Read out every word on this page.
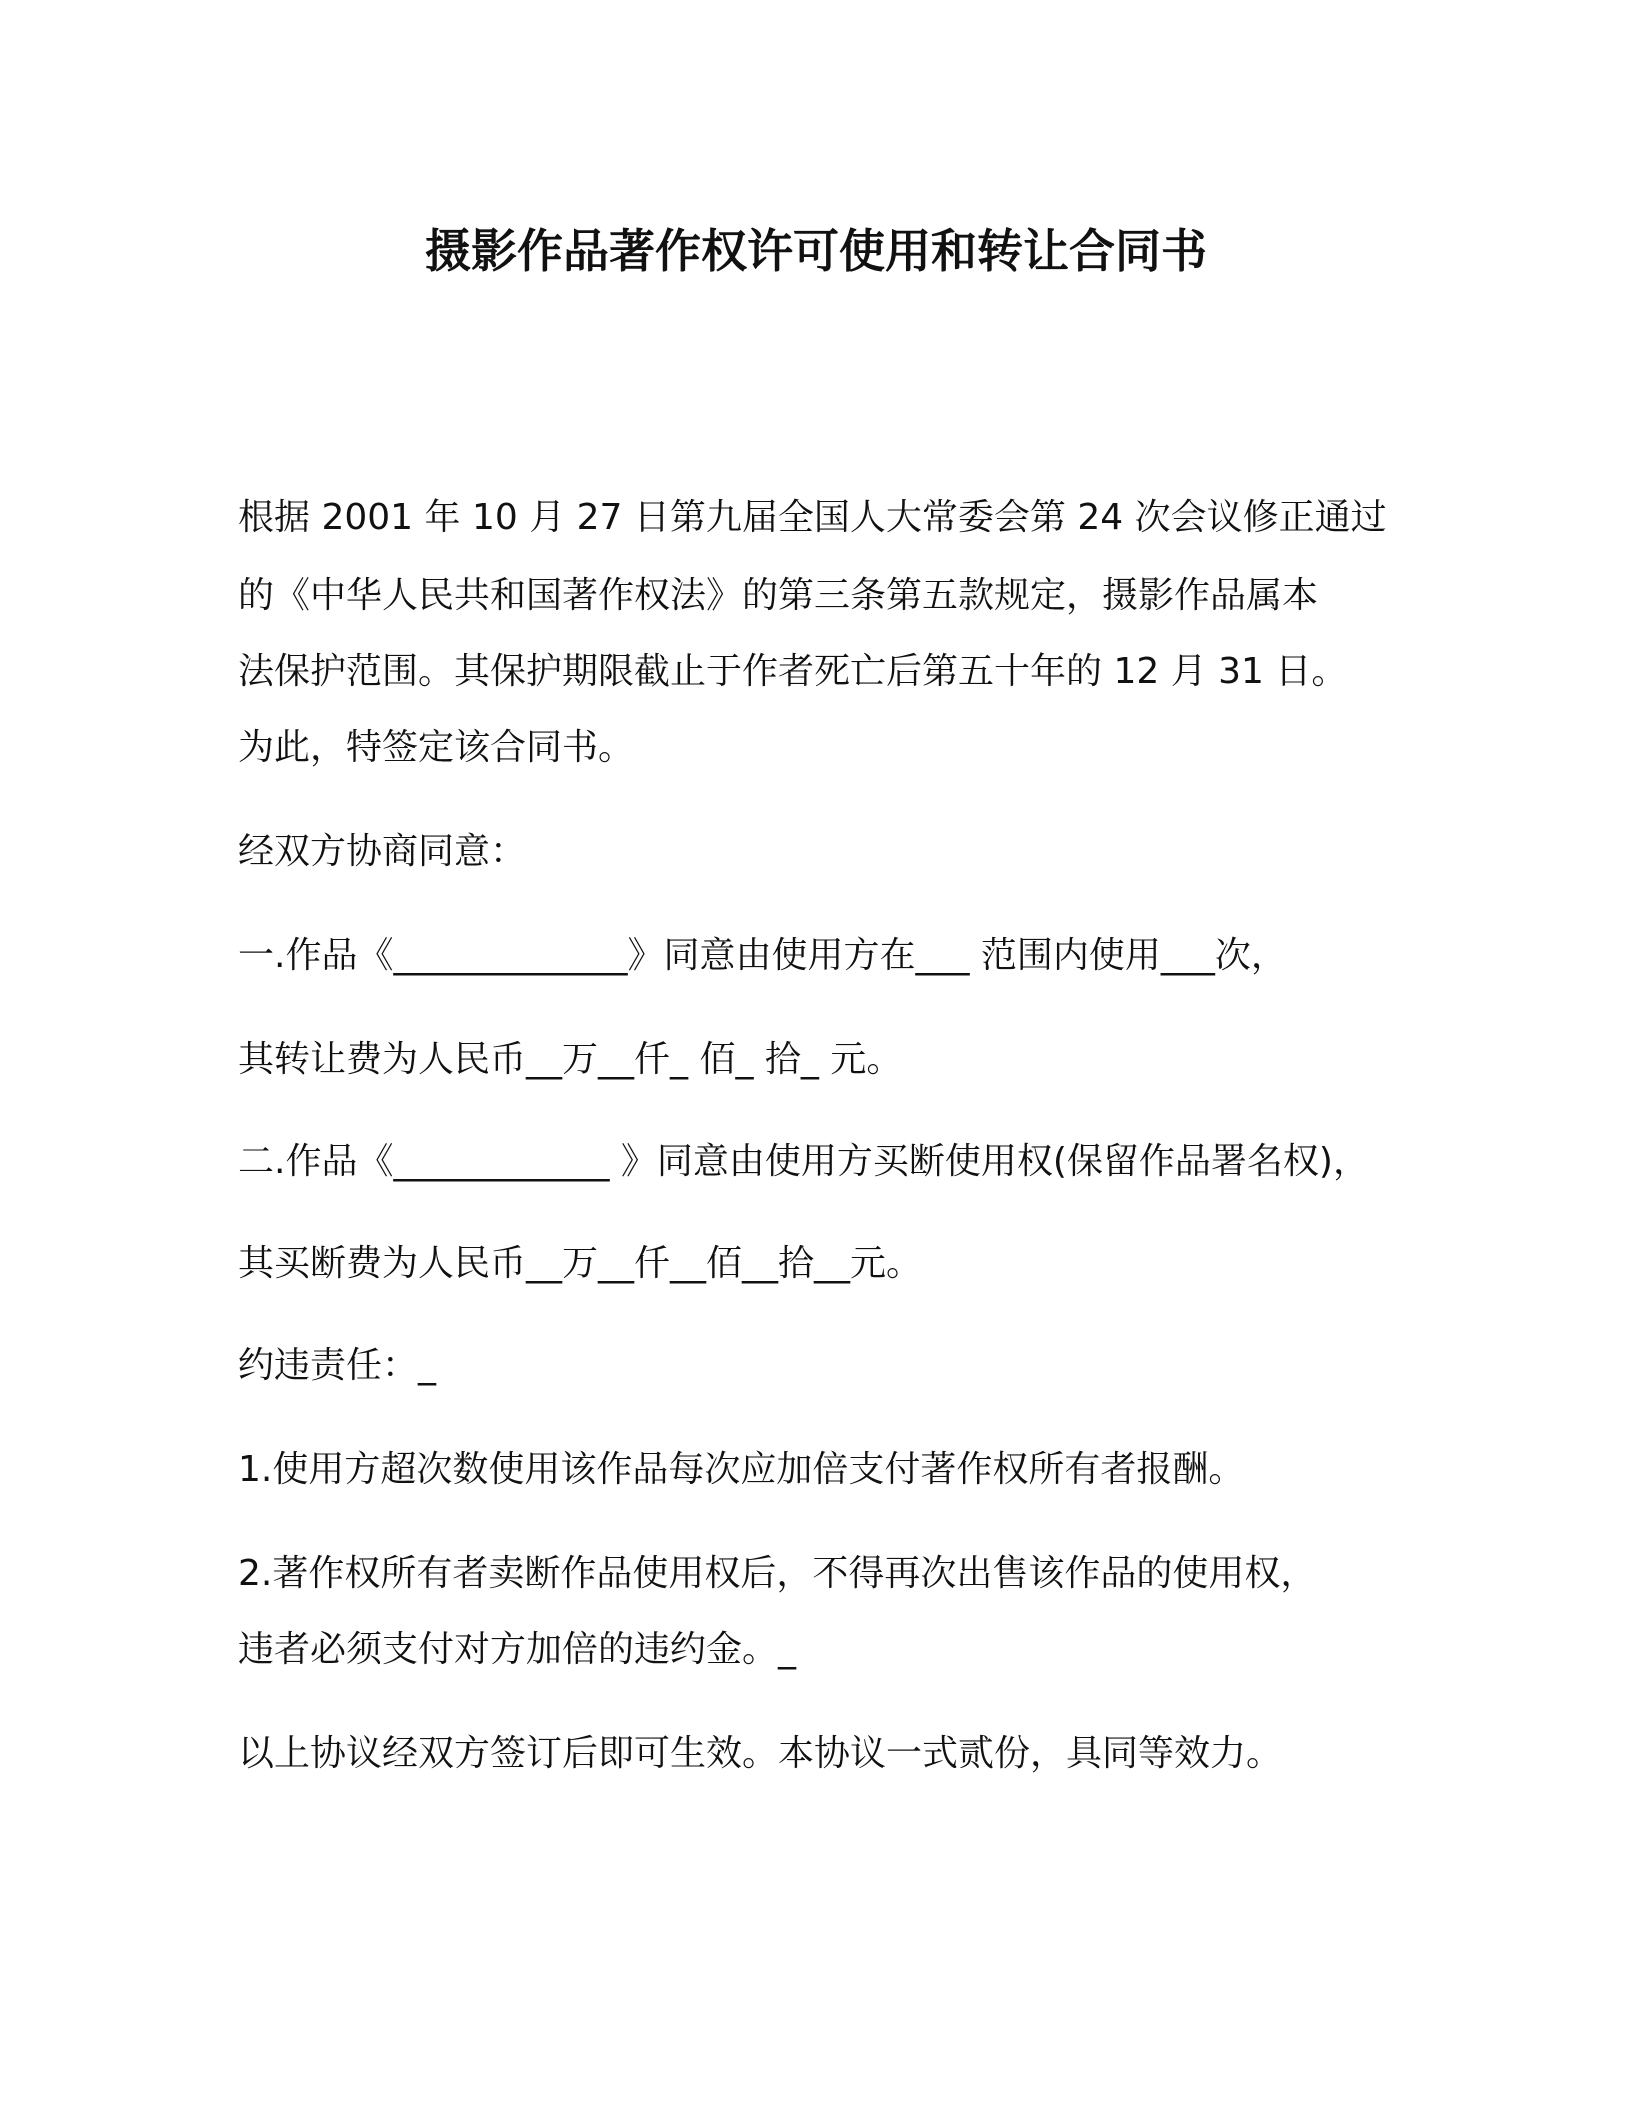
摄影作品著作权许可使用和转让合同书

根据 2001 年 10 月 27 日第九届全国人大常委会第 24 次会议修正通过

的《中华人民共和国著作权法》的第三条第五款规定，摄影作品属本

法保护范围。其保护期限截止于作者死亡后第五十年的 12 月 31 日。

为此，特签定该合同书。

经双方协商同意：

一.作品《_____________》同意由使用方在___ 范围内使用___次，

其转让费为人民币__万__仟_ 佰_ 拾_ 元。

二.作品《____________ 》同意由使用方买断使用权(保留作品署名权)，

其买断费为人民币__万__仟__佰__拾__元。

约违责任：_

1.使用方超次数使用该作品每次应加倍支付著作权所有者报酬。

2.著作权所有者卖断作品使用权后，不得再次出售该作品的使用权，

违者必须支付对方加倍的违约金。_

以上协议经双方签订后即可生效。本协议一式贰份，具同等效力。
